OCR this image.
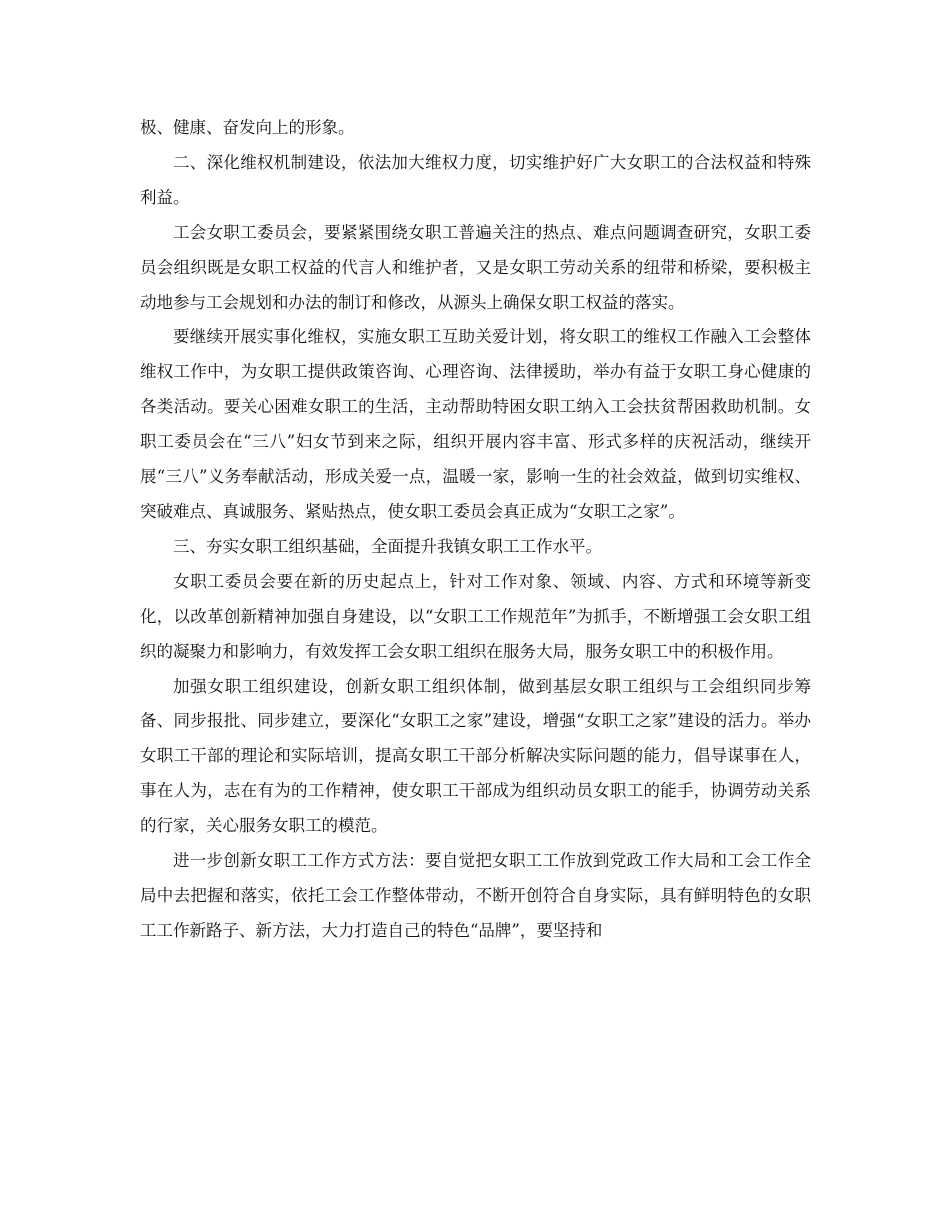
极、健康、奋发向上的形象。

二、深化维权机制建设，依法加大维权力度，切实维护好广大女职工的合法权益和特殊利益。

工会女职工委员会，要紧紧围绕女职工普遍关注的热点、难点问题调查研究，女职工委员会组织既是女职工权益的代言人和维护者，又是女职工劳动关系的纽带和桥梁，要积极主动地参与工会规划和办法的制订和修改，从源头上确保女职工权益的落实。

要继续开展实事化维权，实施女职工互助关爱计划，将女职工的维权工作融入工会整体维权工作中，为女职工提供政策咨询、心理咨询、法律援助，举办有益于女职工身心健康的各类活动。要关心困难女职工的生活，主动帮助特困女职工纳入工会扶贫帮困救助机制。女职工委员会在“三八”妇女节到来之际，组织开展内容丰富、形式多样的庆祝活动，继续开展“三八”义务奉献活动，形成关爱一点，温暖一家，影响一生的社会效益，做到切实维权、突破难点、真诚服务、紧贴热点，使女职工委员会真正成为“女职工之家”。

三、夯实女职工组织基础，全面提升我镇女职工工作水平。

女职工委员会要在新的历史起点上，针对工作对象、领域、内容、方式和环境等新变化，以改革创新精神加强自身建设，以“女职工工作规范年”为抓手，不断增强工会女职工组织的凝聚力和影响力，有效发挥工会女职工组织在服务大局，服务女职工中的积极作用。

加强女职工组织建设，创新女职工组织体制，做到基层女职工组织与工会组织同步筹备、同步报批、同步建立，要深化“女职工之家”建设，增强“女职工之家”建设的活力。举办女职工干部的理论和实际培训，提高女职工干部分析解决实际问题的能力，倡导谋事在人，事在人为，志在有为的工作精神，使女职工干部成为组织动员女职工的能手，协调劳动关系的行家，关心服务女职工的模范。

进一步创新女职工工作方式方法：要自觉把女职工工作放到党政工作大局和工会工作全局中去把握和落实，依托工会工作整体带动，不断开创符合自身实际，具有鲜明特色的女职工工作新路子、新方法，大力打造自己的特色“品牌”，要坚持和
